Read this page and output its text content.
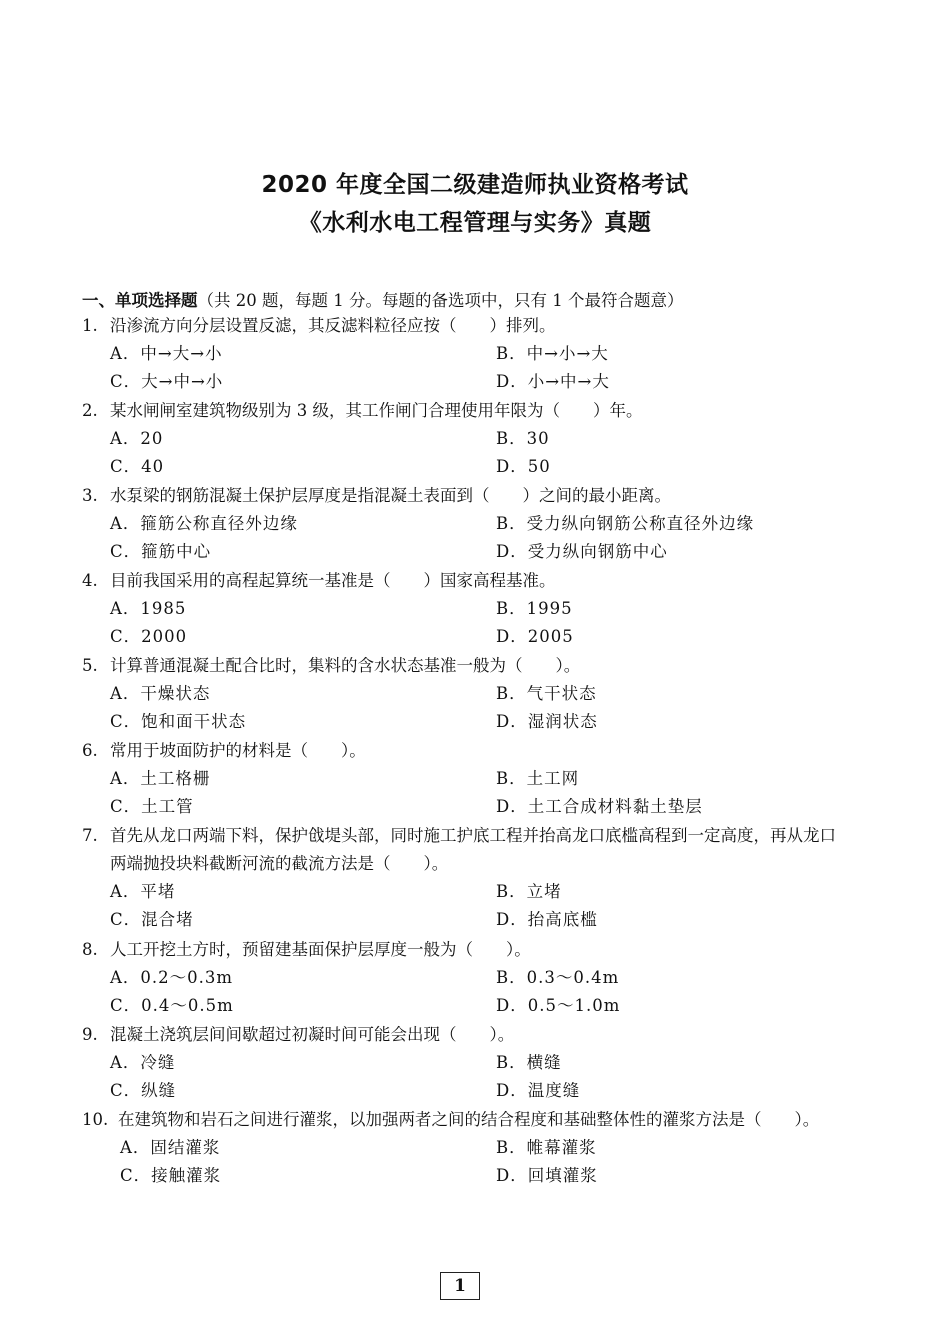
2020 年度全国二级建造师执业资格考试
《水利水电工程管理与实务》真题
一、单项选择题（共 20 题，每题 1 分。每题的备选项中，只有 1 个最符合题意）
1. 沿渗流方向分层设置反滤，其反滤料粒径应按（　　）排列。
A．中→大→小	B．中→小→大
C．大→中→小	D．小→中→大
2. 某水闸闸室建筑物级别为 3 级，其工作闸门合理使用年限为（　　）年。
A．20	B．30
C．40	D．50
3. 水泵梁的钢筋混凝土保护层厚度是指混凝土表面到（　　）之间的最小距离。
A．箍筋公称直径外边缘	B．受力纵向钢筋公称直径外边缘
C．箍筋中心	D．受力纵向钢筋中心
4. 目前我国采用的高程起算统一基准是（　　）国家高程基准。
A．1985	B．1995
C．2000	D．2005
5. 计算普通混凝土配合比时，集料的含水状态基准一般为（　　）。
A．干燥状态	B．气干状态
C．饱和面干状态	D．湿润状态
6. 常用于坡面防护的材料是（　　）。
A．土工格栅	B．土工网
C．土工管	D．土工合成材料黏土垫层
7. 首先从龙口两端下料，保护戗堤头部，同时施工护底工程并抬高龙口底槛高程到一定高度，再从龙口两端抛投块料截断河流的截流方法是（　　）。
A．平堵	B．立堵
C．混合堵	D．抬高底槛
8. 人工开挖土方时，预留建基面保护层厚度一般为（　　）。
A．0.2～0.3m	B．0.3～0.4m
C．0.4～0.5m	D．0.5～1.0m
9. 混凝土浇筑层间间歇超过初凝时间可能会出现（　　）。
A．冷缝	B．横缝
C．纵缝	D．温度缝
10. 在建筑物和岩石之间进行灌浆，以加强两者之间的结合程度和基础整体性的灌浆方法是（　　）。
A．固结灌浆	B．帷幕灌浆
C．接触灌浆	D．回填灌浆
1
